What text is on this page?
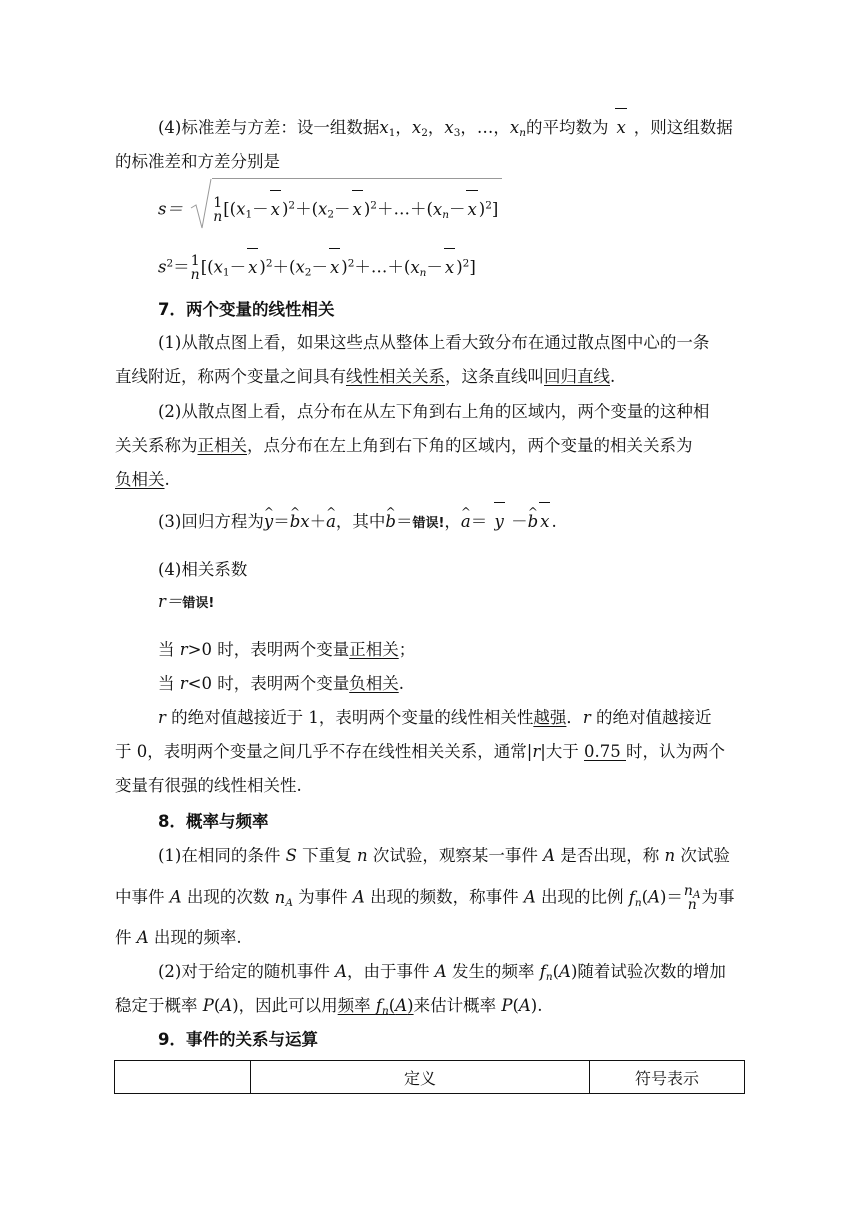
(4)标准差与方差：设一组数据$x_1$，$x_2$，$x_3$，…，$x_n$的平均数为 x ，则这组数据
的标准差和方差分别是
s＝ 1
n [($x_1- x$ )$^2+(x_2- x$ )$^2+\dots+(x_n- x$ )$^2$]
$s^2= 1$
n [($x_1- x$ )$^2+(x_2- x$ )$^2+\dots+(x_n- x$ )$^2$]
7．两个变量的线性相关
(1)从散点图上看，如果这些点从整体上看大致分布在通过散点图中心的一条
直线附近，称两个变量之间具有线性相关关系，这条直线叫回归直线.
(2)从散点图上看，点分布在从左下角到右上角的区域内，两个变量的这种相
关关系称为正相关，点分布在左上角到右下角的区域内，两个变量的相关关系为
负相关.
(3)回归方程为^ y＝^ bx＋^ a，其中^ b＝错误!，^ a＝ y －^ b x .
(4)相关系数
r＝错误!
当 r>0 时，表明两个变量正相关；
当 r<0 时，表明两个变量负相关.
r 的绝对值越接近于 1，表明两个变量的线性相关性越强．r 的绝对值越接近
于 0，表明两个变量之间几乎不存在线性相关关系，通常|r|大于 0.75 时，认为两个
变量有很强的线性相关性.
8．概率与频率
(1)在相同的条件 S 下重复 n 次试验，观察某一事件 A 是否出现，称 n 次试验
中事件 A 出现的次数 $n_A$ 为事件 A 出现的频数，称事件 A 出现的比例 $f_n(A)= n_A$
n 为事
件 A 出现的频率.
(2)对于给定的随机事件 A，由于事件 A 发生的频率 $f_n(A)$随着试验次数的增加
稳定于概率 P(A)，因此可以用频率 $f_n(A)$来估计概率 P(A).
9．事件的关系与运算
	定义	符号表示
